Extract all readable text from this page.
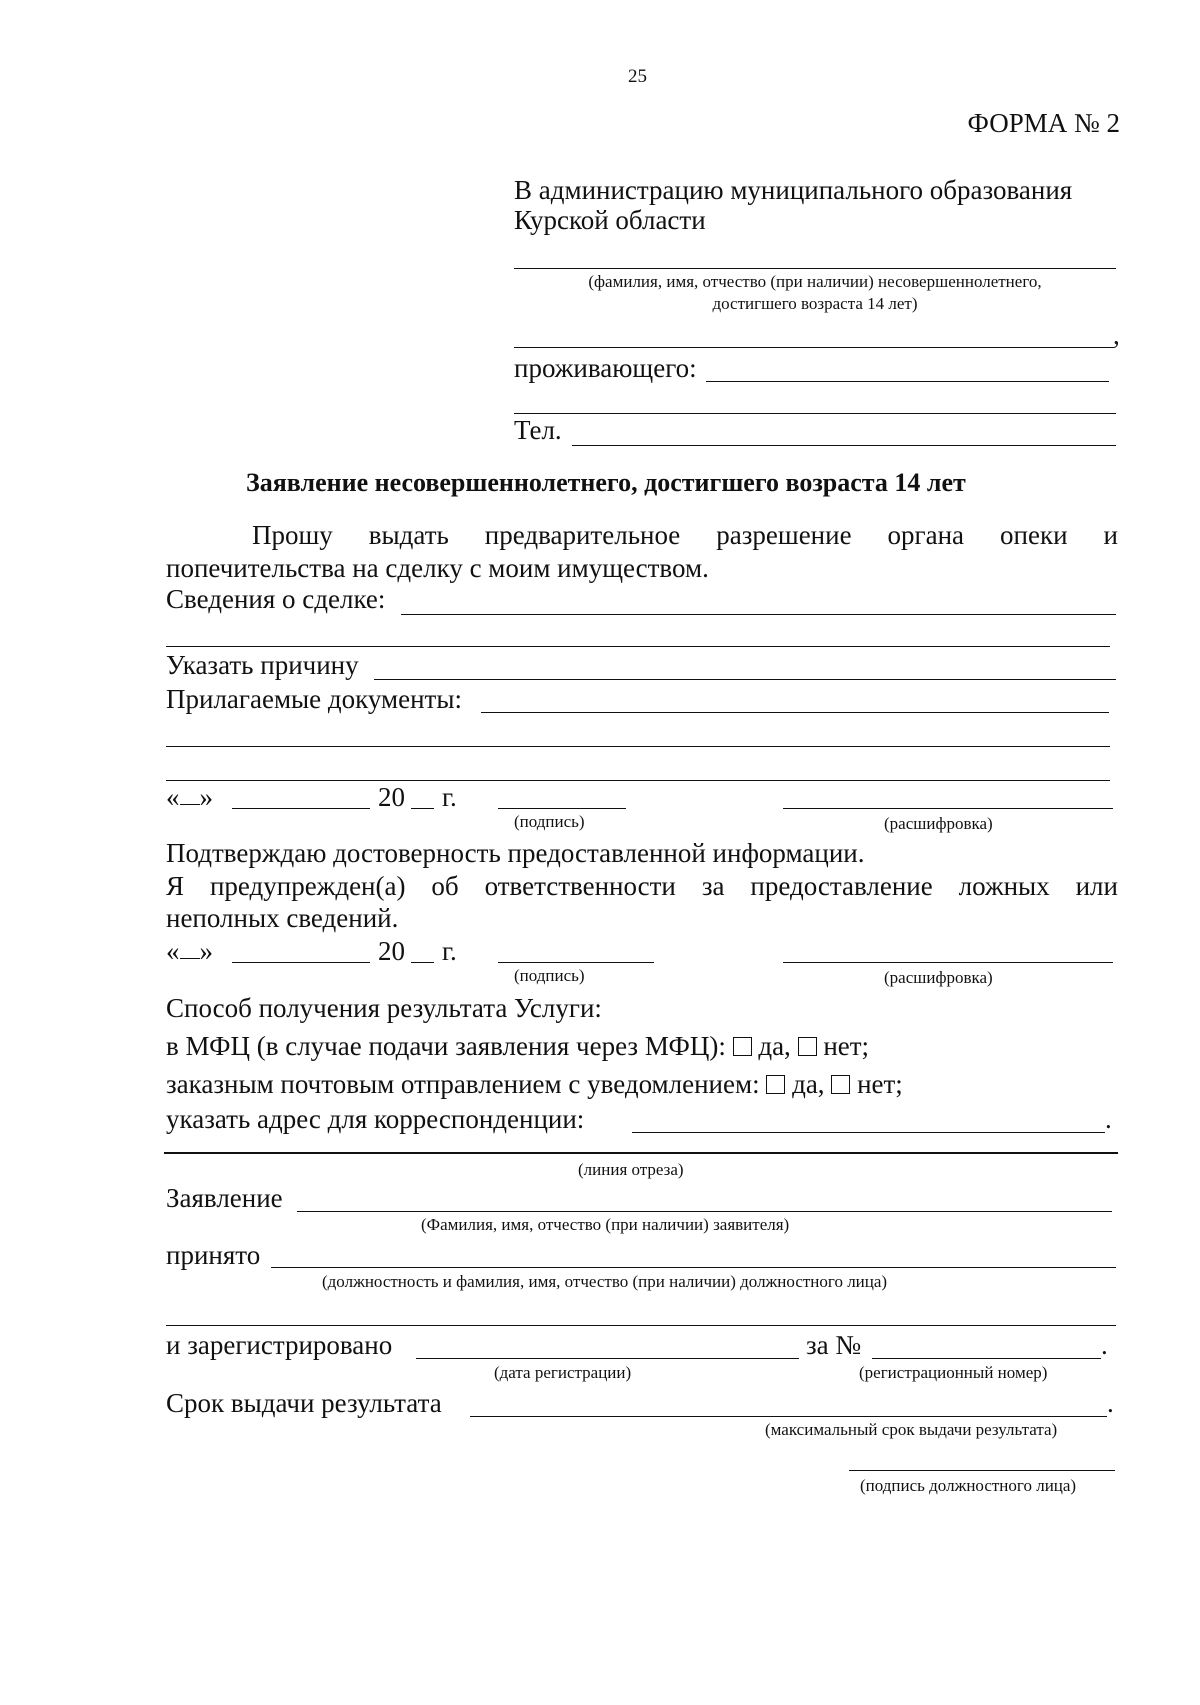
25
ФОРМА № 2
В администрацию муниципального образования
Курской области
(фамилия, имя, отчество (при наличии) несовершеннолетнего,
достигшего возраста 14 лет)
,
проживающего:
Тел.
Заявление несовершеннолетнего, достигшего возраста 14 лет
Прошу выдать предварительное разрешение органа опеки и
попечительства на сделку с моим имуществом.
Сведения о сделке:
Указать причину
Прилагаемые документы:
« »	20 г.
(подпись)	(расшифровка)
Подтверждаю достоверность предоставленной информации.
Я предупрежден(а) об ответственности за предоставление ложных или
неполных сведений.
« »	20 г.
(подпись)	(расшифровка)
Способ получения результата Услуги:
в МФЦ (в случае подачи заявления через МФЦ): да, нет;
заказным почтовым отправлением с уведомлением: да, нет;
указать адрес для корреспонденции:	.
(линия отреза)
Заявление
(Фамилия, имя, отчество (при наличии) заявителя)
принято
(должностность и фамилия, имя, отчество (при наличии) должностного лица)
и зарегистрировано	за №	.
(дата регистрации)	(регистрационный номер)
Срок выдачи результата	.
(максимальный срок выдачи результата)
(подпись должностного лица)
